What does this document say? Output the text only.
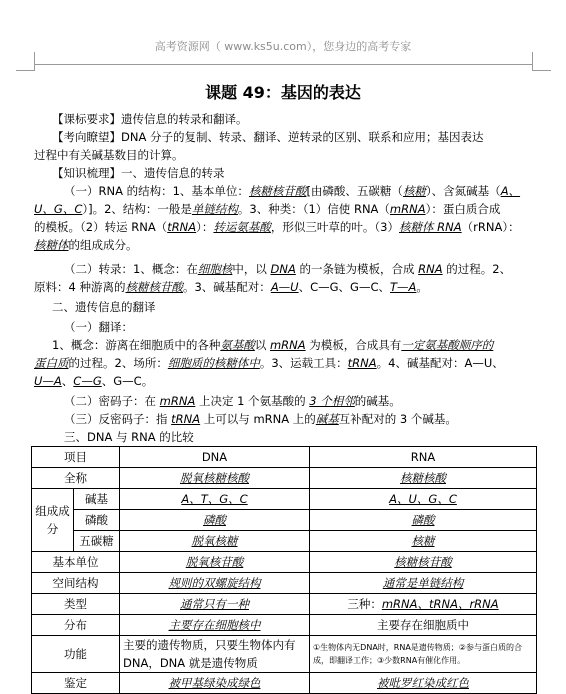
高考资源网（ www.ks5u.com），您身边的高考专家
课题 49：基因的表达
【课标要求】遗传信息的转录和翻译。
【考向瞭望】DNA 分子的复制、转录、翻译、逆转录的区别、联系和应用；基因表达
过程中有关碱基数目的计算。
【知识梳理】一、遗传信息的转录
（一）RNA 的结构：1、基本单位：核糖核苷酸[由磷酸、五碳糖（核糖）、含氮碱基（A、
U、G、C）]。2、结构：一般是单链结构。3、种类：（1）信使 RNA（mRNA）：蛋白质合成
的模板。（2）转运 RNA（tRNA）：转运氨基酸，形似三叶草的叶。（3）核糖体 RNA（rRNA）：
核糖体的组成成分。
（二）转录：1、概念：在细胞核中，以 DNA 的一条链为模板，合成 RNA 的过程。2、
原料：4 种游离的核糖核苷酸。3、碱基配对：A—U、C—G、G—C、T—A。
二、遗传信息的翻译
（一）翻译：
1、概念：游离在细胞质中的各种氨基酸以 mRNA 为模板，合成具有一定氨基酸顺序的
蛋白质的过程。2、场所：细胞质的核糖体中。3、运载工具：tRNA。4、碱基配对：A—U、
U—A、C—G、G—C。
（二）密码子：在 mRNA 上决定 1 个氨基酸的 3 个相邻的碱基。
（三）反密码子：指 tRNA 上可以与 mRNA 上的碱基互补配对的 3 个碱基。
三、DNA 与 RNA 的比较
项目		DNA	RNA
全称		脱氧核糖核酸	核糖核酸
组成成分	碱基	A、T、G、C	A、U、G、C
	磷酸	磷酸	磷酸
	五碳糖	脱氧核糖	核糖
基本单位		脱氧核苷酸	核糖核苷酸
空间结构		规则的双螺旋结构	通常是单链结构
类型		通常只有一种	三种：mRNA、tRNA、rRNA
分布		主要存在细胞核中	主要存在细胞质中
功能		主要的遗传物质，只要生物体内有 DNA，DNA 就是遗传物质	①生物体内无DNA时，RNA是遗传物质；②参与蛋白质的合成，即翻译工作；③少数RNA有催化作用。
鉴定		被甲基绿染成绿色	被吡罗红染成红色
